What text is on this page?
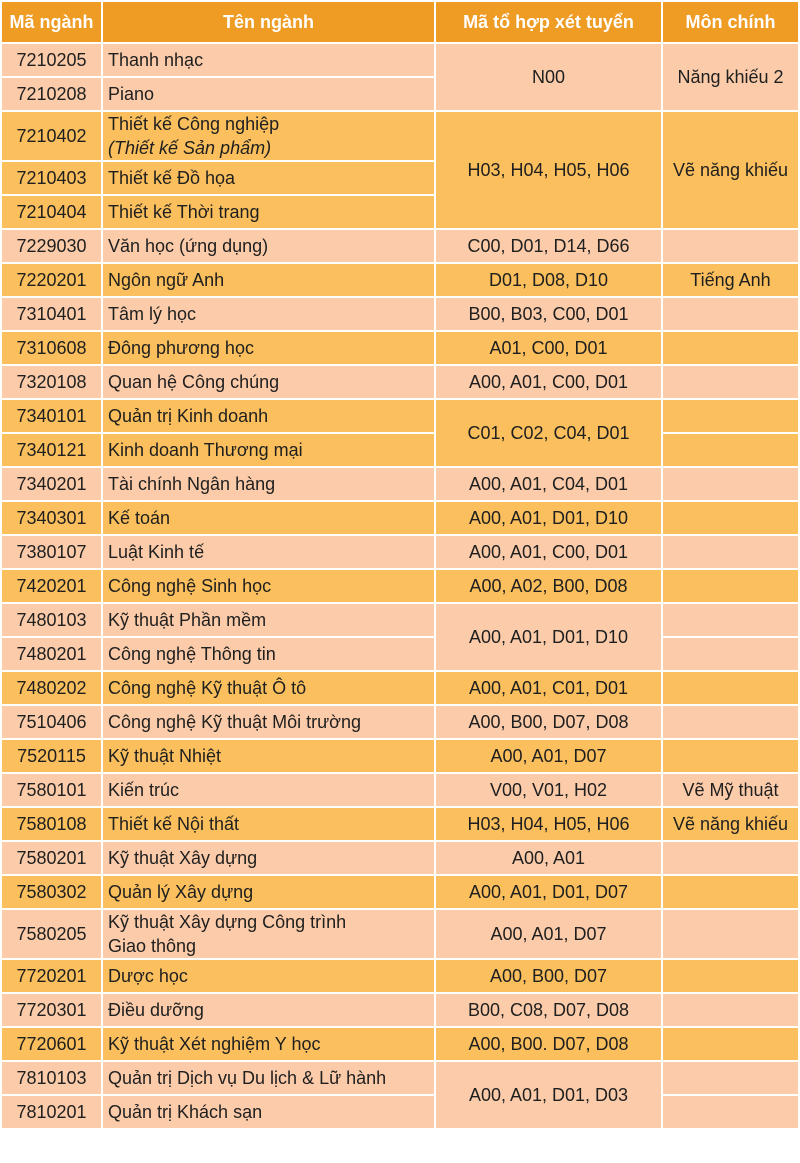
Mã ngành	Tên ngành	Mã tổ hợp xét tuyển	Môn chính
7210205	Thanh nhạc	N00	Năng khiếu 2
7210208	Piano		
7210402	Thiết kế Công nghiệp
(Thiết kế Sản phẩm)	H03, H04, H05, H06	Vẽ năng khiếu
7210403	Thiết kế Đồ họa		
7210404	Thiết kế Thời trang		
7229030	Văn học (ứng dụng)	C00, D01, D14, D66	
7220201	Ngôn ngữ Anh	D01, D08, D10	Tiếng Anh
7310401	Tâm lý học	B00, B03, C00, D01	
7310608	Đông phương học	A01, C00, D01	
7320108	Quan hệ Công chúng	A00, A01, C00, D01	
7340101	Quản trị Kinh doanh	C01, C02, C04, D01	
7340121	Kinh doanh Thương mại		
7340201	Tài chính Ngân hàng	A00, A01, C04, D01	
7340301	Kế toán	A00, A01, D01, D10	
7380107	Luật Kinh tế	A00, A01, C00, D01	
7420201	Công nghệ Sinh học	A00, A02, B00, D08	
7480103	Kỹ thuật Phần mềm	A00, A01, D01, D10	
7480201	Công nghệ Thông tin		
7480202	Công nghệ Kỹ thuật Ô tô	A00, A01, C01, D01	
7510406	Công nghệ Kỹ thuật Môi trường	A00, B00, D07, D08	
7520115	Kỹ thuật Nhiệt	A00, A01, D07	
7580101	Kiến trúc	V00, V01, H02	Vẽ Mỹ thuật
7580108	Thiết kế Nội thất	H03, H04, H05, H06	Vẽ năng khiếu
7580201	Kỹ thuật Xây dựng	A00, A01	
7580302	Quản lý Xây dựng	A00, A01, D01, D07	
7580205	Kỹ thuật Xây dựng Công trình
Giao thông	A00, A01, D07	
7720201	Dược học	A00, B00, D07	
7720301	Điều dưỡng	B00, C08, D07, D08	
7720601	Kỹ thuật Xét nghiệm Y học	A00, B00. D07, D08	
7810103	Quản trị Dịch vụ Du lịch & Lữ hành	A00, A01, D01, D03	
7810201	Quản trị Khách sạn		
